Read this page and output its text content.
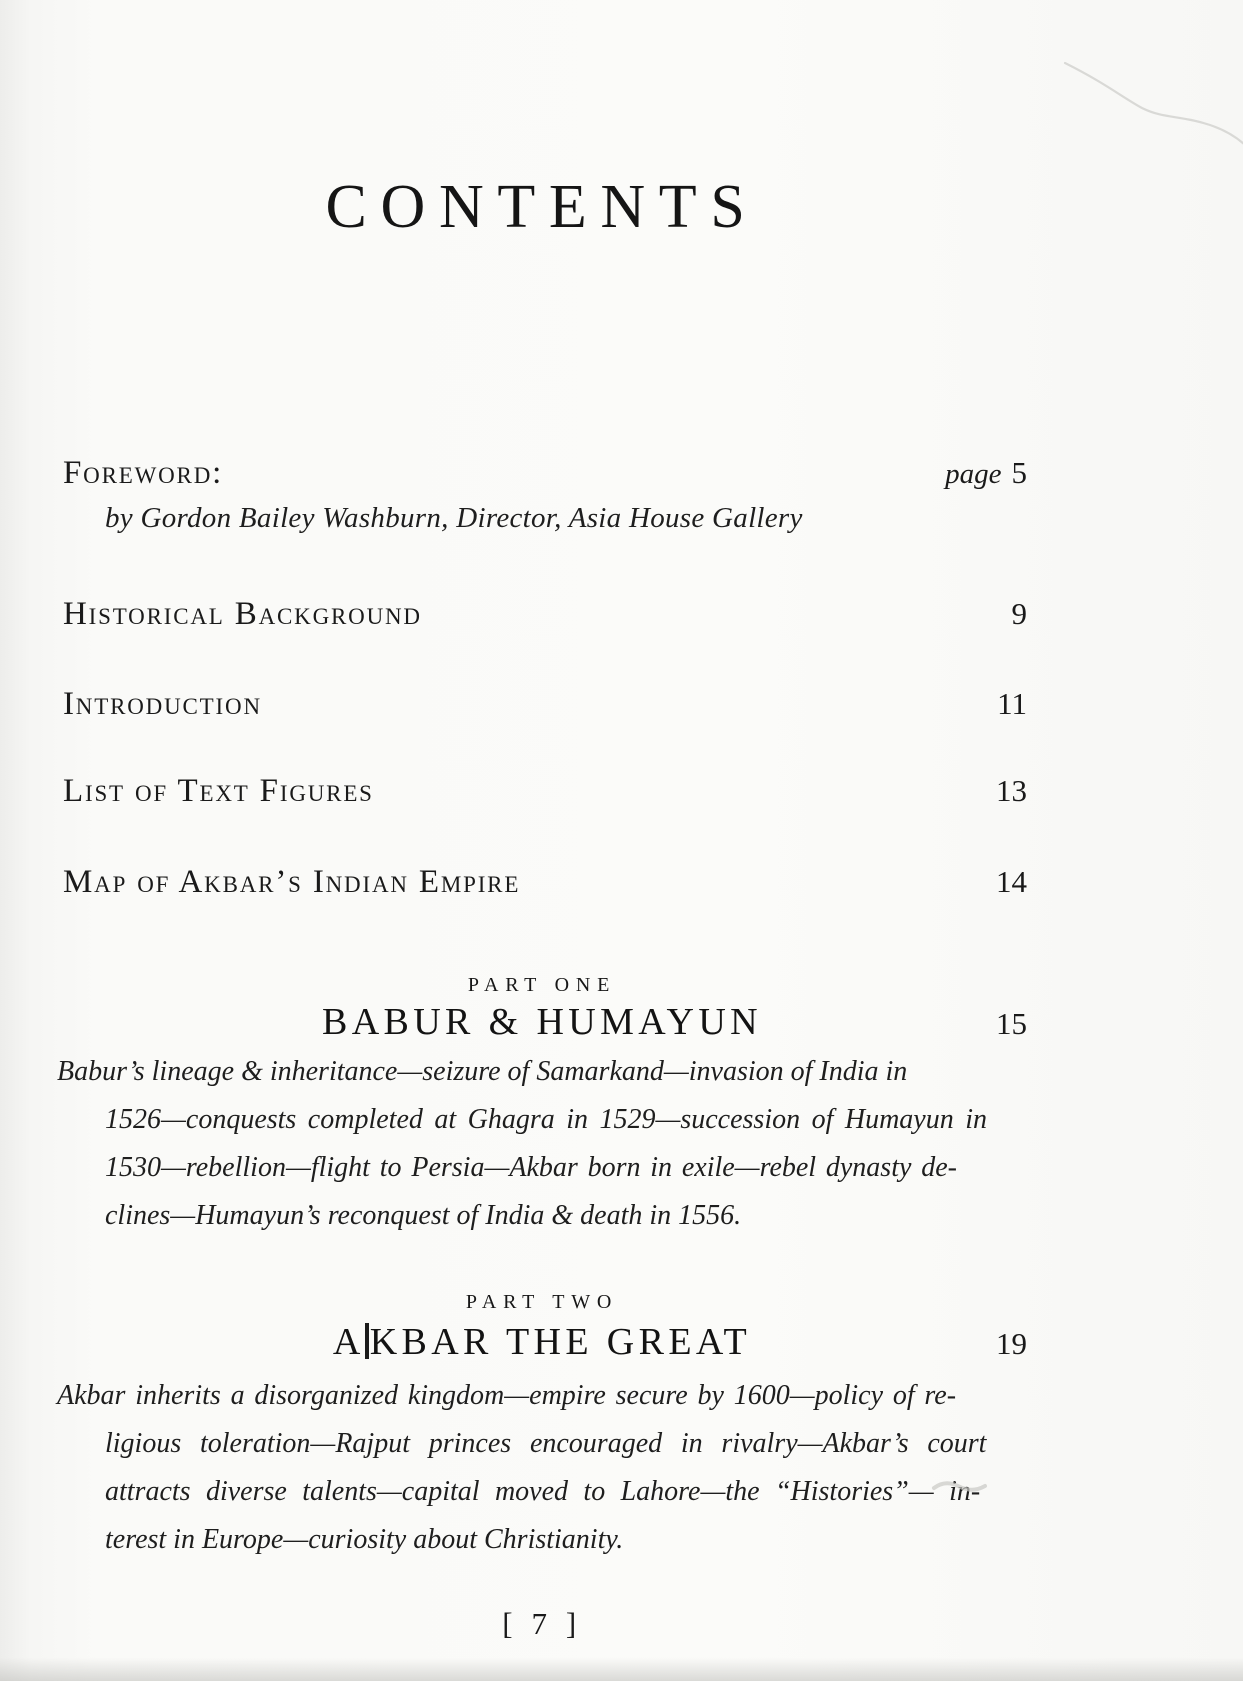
CONTENTS
Foreword:	page 5
by Gordon Bailey Washburn, Director, Asia House Gallery
Historical Background	9
Introduction	11
List of Text Figures	13
Map of Akbar’s Indian Empire	14
PART ONE
BABUR & HUMAYUN	15
Babur’s lineage & inheritance—seizure of Samarkand—invasion of India in
1526—conquests completed at Ghagra in 1529—succession of Humayun in
1530—rebellion—flight to Persia—Akbar born in exile—rebel dynasty de-
clines—Humayun’s reconquest of India & death in 1556.
PART TWO
A KBAR THE GREAT	19
Akbar inherits a disorganized kingdom—empire secure by 1600—policy of re-
ligious toleration—Rajput princes encouraged in rivalry—Akbar’s court
attracts diverse talents—capital moved to Lahore—the “Histories”— in-
terest in Europe—curiosity about Christianity.
[ 7 ]
